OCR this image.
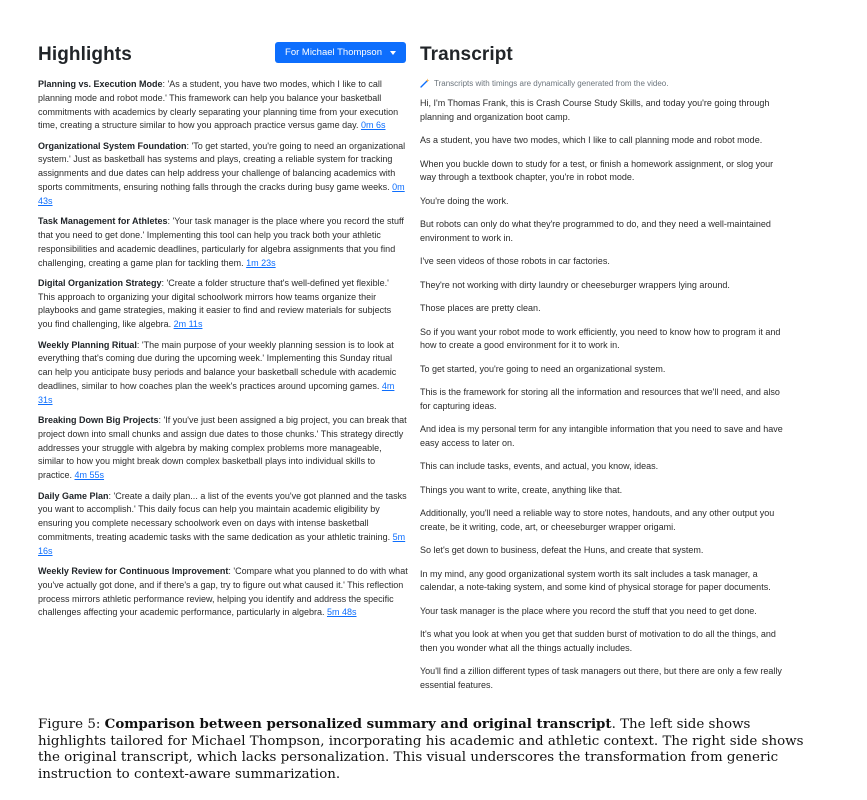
Highlights	For Michael Thompson

Planning vs. Execution Mode: 'As a student, you have two modes, which I like to call planning mode and robot mode.' This framework can help you balance your basketball commitments with academics by clearly separating your planning time from your execution time, creating a structure similar to how you approach practice versus game day. 0m 6s

Organizational System Foundation: 'To get started, you're going to need an organizational system.' Just as basketball has systems and plays, creating a reliable system for tracking assignments and due dates can help address your challenge of balancing academics with sports commitments, ensuring nothing falls through the cracks during busy game weeks. 0m 43s

Task Management for Athletes: 'Your task manager is the place where you record the stuff that you need to get done.' Implementing this tool can help you track both your athletic responsibilities and academic deadlines, particularly for algebra assignments that you find challenging, creating a game plan for tackling them. 1m 23s

Digital Organization Strategy: 'Create a folder structure that's well-defined yet flexible.' This approach to organizing your digital schoolwork mirrors how teams organize their playbooks and game strategies, making it easier to find and review materials for subjects you find challenging, like algebra. 2m 11s

Weekly Planning Ritual: 'The main purpose of your weekly planning session is to look at everything that's coming due during the upcoming week.' Implementing this Sunday ritual can help you anticipate busy periods and balance your basketball schedule with academic deadlines, similar to how coaches plan the week's practices around upcoming games. 4m 31s

Breaking Down Big Projects: 'If you've just been assigned a big project, you can break that project down into small chunks and assign due dates to those chunks.' This strategy directly addresses your struggle with algebra by making complex problems more manageable, similar to how you might break down complex basketball plays into individual skills to practice. 4m 55s

Daily Game Plan: 'Create a daily plan... a list of the events you've got planned and the tasks you want to accomplish.' This daily focus can help you maintain academic eligibility by ensuring you complete necessary schoolwork even on days with intense basketball commitments, treating academic tasks with the same dedication as your athletic training. 5m 16s

Weekly Review for Continuous Improvement: 'Compare what you planned to do with what you've actually got done, and if there's a gap, try to figure out what caused it.' This reflection process mirrors athletic performance review, helping you identify and address the specific challenges affecting your academic performance, particularly in algebra. 5m 48s

Transcript

Transcripts with timings are dynamically generated from the video.

Hi, I'm Thomas Frank, this is Crash Course Study Skills, and today you're going through planning and organization boot camp.

As a student, you have two modes, which I like to call planning mode and robot mode.

When you buckle down to study for a test, or finish a homework assignment, or slog your way through a textbook chapter, you're in robot mode.

You're doing the work.

But robots can only do what they're programmed to do, and they need a well-maintained environment to work in.

I've seen videos of those robots in car factories.

They're not working with dirty laundry or cheeseburger wrappers lying around.

Those places are pretty clean.

So if you want your robot mode to work efficiently, you need to know how to program it and how to create a good environment for it to work in.

To get started, you're going to need an organizational system.

This is the framework for storing all the information and resources that we'll need, and also for capturing ideas.

And idea is my personal term for any intangible information that you need to save and have easy access to later on.

This can include tasks, events, and actual, you know, ideas.

Things you want to write, create, anything like that.

Additionally, you'll need a reliable way to store notes, handouts, and any other output you create, be it writing, code, art, or cheeseburger wrapper origami.

So let's get down to business, defeat the Huns, and create that system.

In my mind, any good organizational system worth its salt includes a task manager, a calendar, a note-taking system, and some kind of physical storage for paper documents.

Your task manager is the place where you record the stuff that you need to get done.

It's what you look at when you get that sudden burst of motivation to do all the things, and then you wonder what all the things actually includes.

You'll find a zillion different types of task managers out there, but there are only a few really essential features.

Figure 5: Comparison between personalized summary and original transcript. The left side shows highlights tailored for Michael Thompson, incorporating his academic and athletic context. The right side shows the original transcript, which lacks personalization. This visual underscores the transformation from generic instruction to context-aware summarization.
